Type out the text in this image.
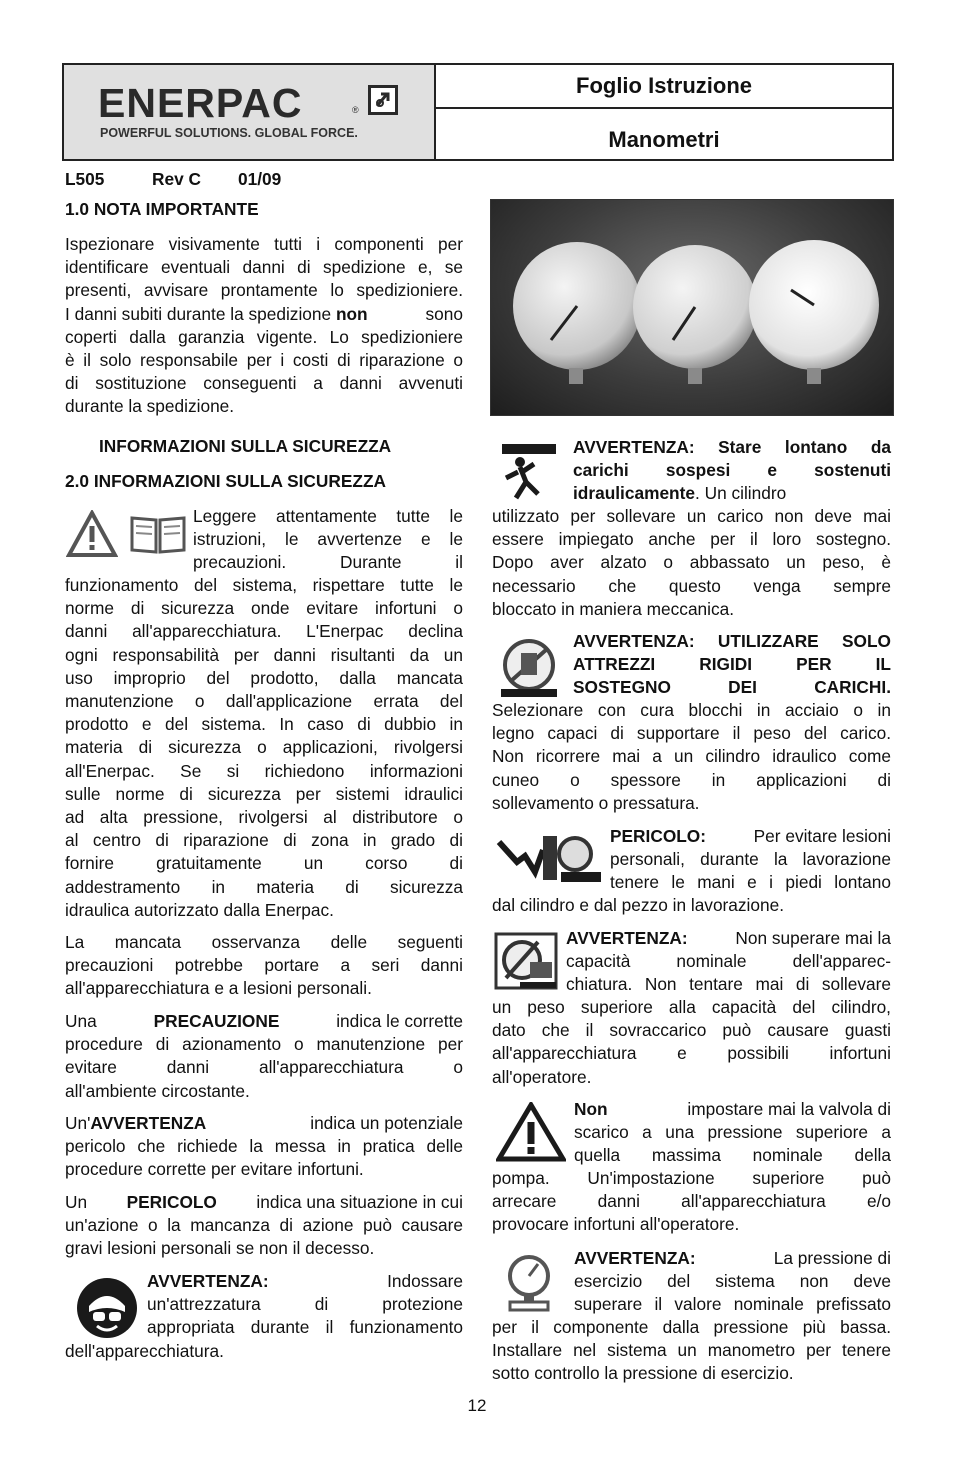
ENERPAC	®
POWERFUL SOLUTIONS. GLOBAL FORCE.
Foglio Istruzione
Manometri
L505	Rev C 01/09
1.0 NOTA IMPORTANTE
Ispezionare visivamente tutti i componenti per
identificare eventuali danni di spedizione e, se
presenti, avvisare prontamente lo spedizioniere.
I danni subiti durante la spedizione non	sono
coperti dalla garanzia vigente. Lo spedizioniere
è il solo responsabile per i costi di riparazione o
di sostituzione conseguenti a danni avvenuti
durante la spedizione.
INFORMAZIONI SULLA SICUREZZA
2.0 INFORMAZIONI SULLA SICUREZZA
Leggere attentamente tutte le
istruzioni, le avvertenze e le
precauzioni. Durante il
funzionamento del sistema, rispettare tutte le
norme di sicurezza onde evitare infortuni o
danni all'apparecchiatura. L'Enerpac declina
ogni responsabilità per danni risultanti da un
uso improprio del prodotto, dalla mancata
manutenzione o dall'applicazione errata del
prodotto e del sistema. In caso di dubbio in
materia di sicurezza o applicazioni, rivolgersi
all'Enerpac. Se si richiedono informazioni
sulle norme di sicurezza per sistemi idraulici
ad alta pressione, rivolgersi al distributore o
al centro di riparazione di zona in grado di
fornire gratuitamente un corso di
addestramento in materia di sicurezza
idraulica autorizzato dalla Enerpac.
La mancata osservanza delle seguenti
precauzioni potrebbe portare a seri danni
all'apparecchiatura e a lesioni personali.
Una	PRECAUZIONE	indica le corrette
procedure di azionamento o manutenzione per
evitare danni all'apparecchiatura o
all'ambiente circostante.
Un'AVVERTENZA	indica un potenziale
pericolo che richiede la messa in pratica delle
procedure corrette per evitare infortuni.
Un PERICOLO indica una situazione in cui
un'azione o la mancanza di azione può causare
gravi lesioni personali se non il decesso.
AVVERTENZA:	Indossare
un'attrezzatura di protezione
appropriata durante il funzionamento
dell'apparecchiatura.
AVVERTENZA: Stare lontano da
carichi sospesi e sostenuti
idraulicamente. Un cilindro
utilizzato per sollevare un carico non deve mai
essere impiegato anche per il loro sostegno.
Dopo aver alzato o abbassato un peso, è
necessario che questo venga sempre
bloccato in maniera meccanica.
AVVERTENZA: UTILIZZARE SOLO
ATTREZZI RIGIDI PER IL
SOSTEGNO DEI CARICHI.
Selezionare con cura blocchi in acciaio o in
legno capaci di supportare il peso del carico.
Non ricorrere mai a un cilindro idraulico come
cuneo o spessore in applicazioni di
sollevamento o pressatura.
PERICOLO:	Per evitare lesioni
personali, durante la lavorazione
tenere le mani e i piedi lontano
dal cilindro e dal pezzo in lavorazione.
AVVERTENZA:	Non superare mai la
capacità nominale dell'apparec-
chiatura. Non tentare mai di sollevare
un peso superiore alla capacità del cilindro,
dato che il sovraccarico può causare guasti
all'apparecchiatura e possibili infortuni
all'operatore.
Non	impostare mai la valvola di
scarico a una pressione superiore a
quella massima nominale della
pompa. Un'impostazione superiore può
arrecare danni all'apparecchiatura e/o
provocare infortuni all'operatore.
AVVERTENZA:	La pressione di
esercizio del sistema non deve
superare il valore nominale prefissato
per il componente dalla pressione più bassa.
Installare nel sistema un manometro per tenere
sotto controllo la pressione di esercizio.
12
